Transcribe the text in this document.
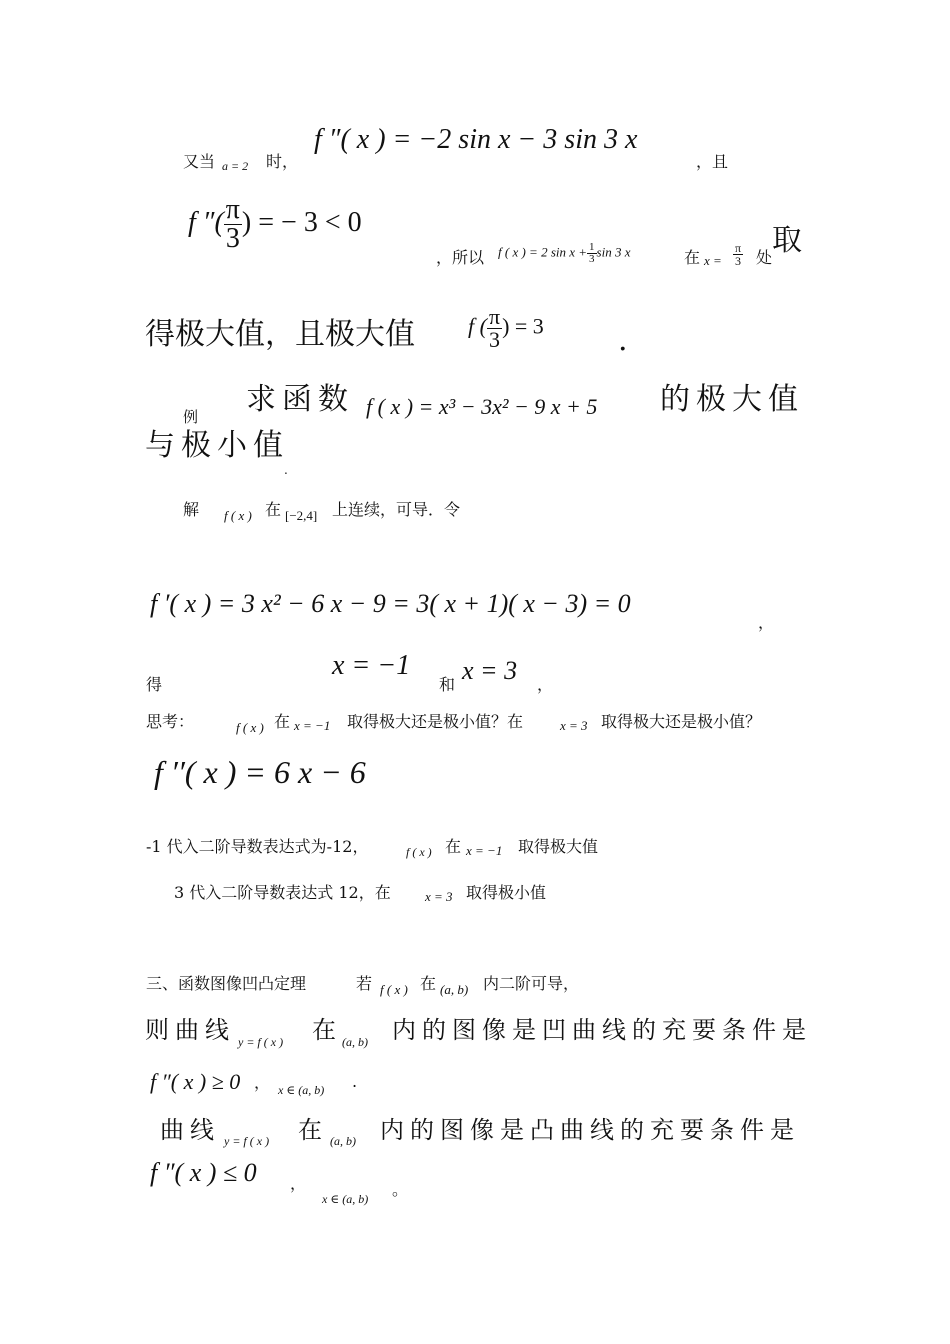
又当 a = 2 时，
f ″( x ) = −2 sin x − 3 sin 3 x
，且
f ″( $\frac{\pi}{3}$ ) = − 3 < 0
，所以 f ( x ) = 2 $\sin x + \frac{1}{3}$ sin 3 x	在 $x = \frac{\pi}{3}$ 处 取
得极大值，且极大值 f ( $\frac{\pi}{3}$ ) = 3 .
例 求函数 f ( x ) = x³ − 3x² − 9 x + 5 的极大值
与极小值
.
解 f ( x ) 在 [−2,4] 上连续，可导．令
f ′( x ) = 3 x² − 6 x − 9 = 3( x + 1)( x − 3) = 0
，
得
x = −1
和 x = 3 ，
思考：	f ( x ) 在 x = −1 取得极大还是极小值？在	x = 3 取得极大还是极小值？
f ′′( x ) = 6 x − 6
-1 代入二阶导数表达式为-12，	f ( x ) 在 x = −1 取得极大值
3 代入二阶导数表达式 12，在	x = 3 取得极小值
三、函数图像凹凸定理	若 f ( x ) 在 (a, b) 内二阶可导，
则曲线 y = f ( x ) 在 (a, b) 内的图像是凹曲线的充要条件是
f ″( x ) ≥ 0 ， x ∈ (a, b) .
曲线 y = f ( x ) 在 (a, b) 内的图像是凸曲线的充要条件是
f ″( x ) ≤ 0 ，
x ∈ (a, b) 。
